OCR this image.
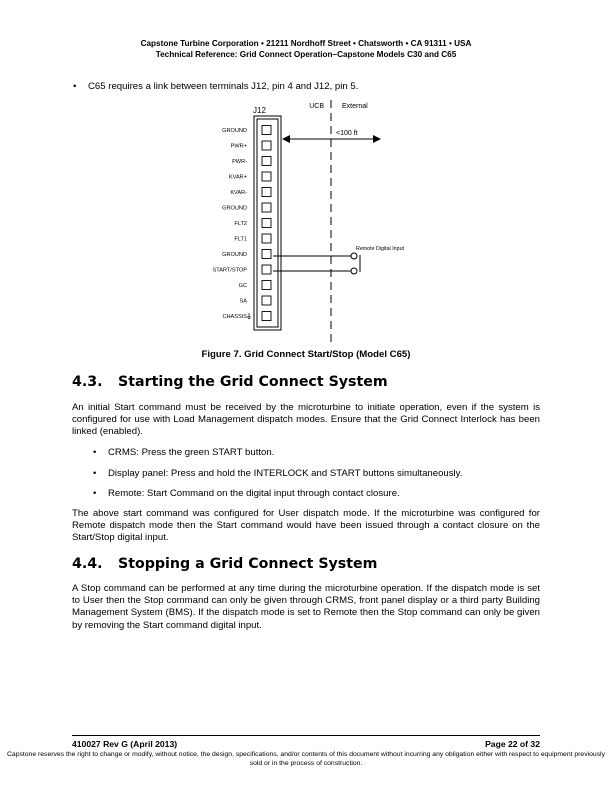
Capstone Turbine Corporation • 21211 Nordhoff Street • Chatsworth • CA 91311 • USA
Technical Reference: Grid Connect Operation–Capstone Models C30 and C65
• C65 requires a link between terminals J12, pin 4 and J12, pin 5.
J12	UCB	External
<100 ft
GROUND
PWR+
PWR-
KVAR+
KVAR-
GROUND
FLT2
FLT1
GROUND
START/STOP
GC
SA
CHASSIS
Remote Digital Input
Figure 7. Grid Connect Start/Stop (Model C65)
4.3. Starting the Grid Connect System
An initial Start command must be received by the microturbine to initiate operation, even if the system is configured for use with Load Management dispatch modes. Ensure that the Grid Connect Interlock has been linked (enabled).
• CRMS: Press the green START button.
• Display panel: Press and hold the INTERLOCK and START buttons simultaneously.
• Remote: Start Command on the digital input through contact closure.
The above start command was configured for User dispatch mode. If the microturbine was configured for Remote dispatch mode then the Start command would have been issued through a contact closure on the Start/Stop digital input.
4.4. Stopping a Grid Connect System
A Stop command can be performed at any time during the microturbine operation. If the dispatch mode is set to User then the Stop command can only be given through CRMS, front panel display or a third party Building Management System (BMS). If the dispatch mode is set to Remote then the Stop command can only be given by removing the Start command digital input.
410027 Rev G (April 2013)	Page 22 of 32
Capstone reserves the right to change or modify, without notice, the design, specifications, and/or contents of this document without incurring any obligation either with respect to equipment previously sold or in the process of construction.
